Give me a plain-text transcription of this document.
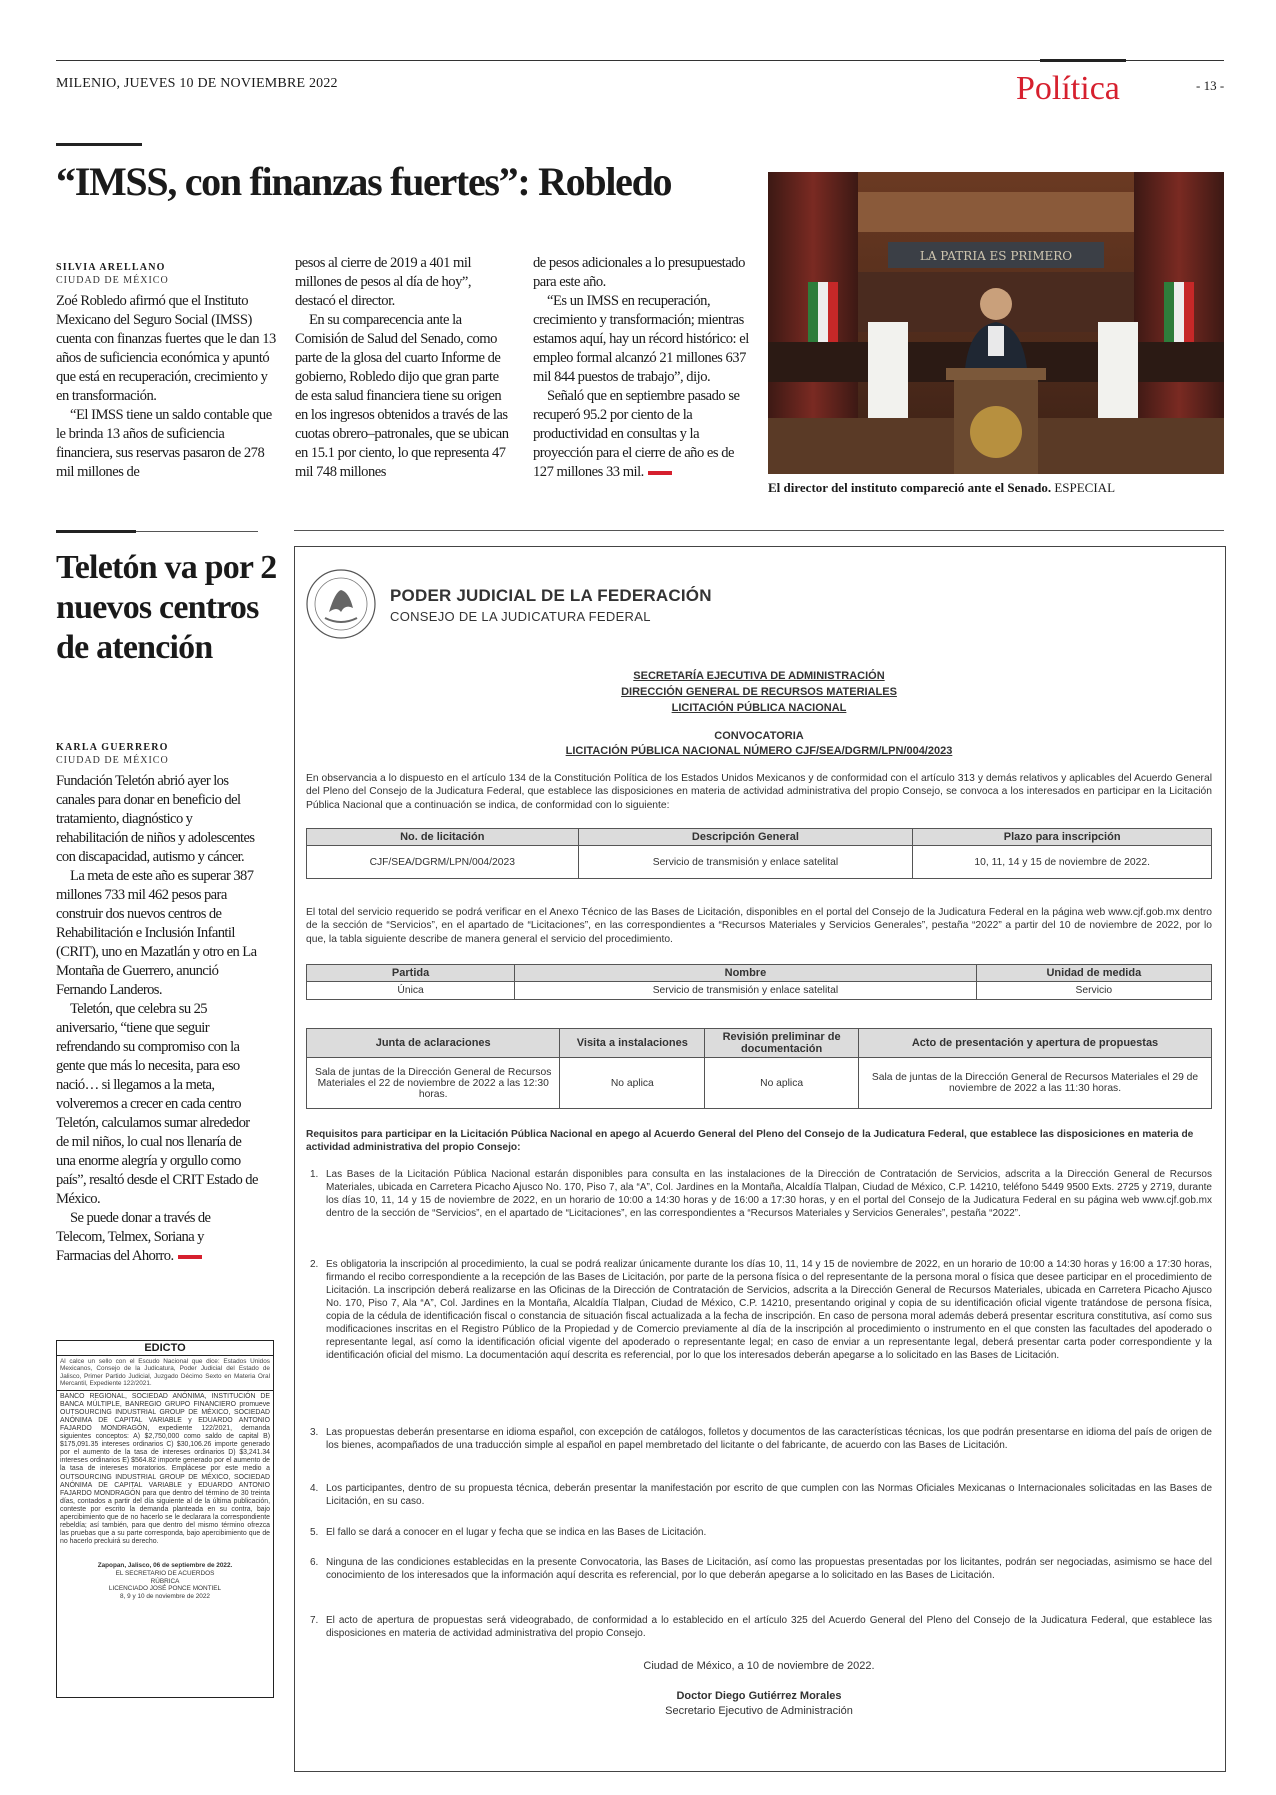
MILENIO, JUEVES 10 DE NOVIEMBRE 2022	Política	- 13 -
“IMSS, con finanzas fuertes”: Robledo
SILVIA ARELLANO
CIUDAD DE MÉXICO

Zoé Robledo afirmó que el Instituto Mexicano del Seguro Social (IMSS) cuenta con finanzas fuertes que le dan 13 años de suficiencia económica y apuntó que está en recuperación, crecimiento y en transformación.

“El IMSS tiene un saldo contable que le brinda 13 años de suficiencia financiera, sus reservas pasaron de 278 mil millones de

pesos al cierre de 2019 a 401 mil millones de pesos al día de hoy”, destacó el director.

En su comparecencia ante la Comisión de Salud del Senado, como parte de la glosa del cuarto Informe de gobierno, Robledo dijo que gran parte de esta salud financiera tiene su origen en los ingresos obtenidos a través de las cuotas obrero–patronales, que se ubican en 15.1 por ciento, lo que representa 47 mil 748 millones

de pesos adicionales a lo presupuestado para este año.

“Es un IMSS en recuperación, crecimiento y transformación; mientras estamos aquí, hay un récord histórico: el empleo formal alcanzó 21 millones 637 mil 844 puestos de trabajo”, dijo.

Señaló que en septiembre pasado se recuperó 95.2 por ciento de la productividad en consultas y la proyección para el cierre de año es de 127 millones 33 mil.

LA PATRIA ES PRIMERO
El director del instituto compareció ante el Senado. ESPECIAL
Teletón va por 2 nuevos centros de atención
KARLA GUERRERO
CIUDAD DE MÉXICO

Fundación Teletón abrió ayer los canales para donar en beneficio del tratamiento, diagnóstico y rehabilitación de niños y adolescentes con discapacidad, autismo y cáncer.

La meta de este año es superar 387 millones 733 mil 462 pesos para construir dos nuevos centros de Rehabilitación e Inclusión Infantil (CRIT), uno en Mazatlán y otro en La Montaña de Guerrero, anunció Fernando Landeros.

Teletón, que celebra su 25 aniversario, “tiene que seguir refrendando su compromiso con la gente que más lo necesita, para eso nació… si llegamos a la meta, volveremos a crecer en cada centro Teletón, calculamos sumar alrededor de mil niños, lo cual nos llenaría de una enorme alegría y orgullo como país”, resaltó desde el CRIT Estado de México.

Se puede donar a través de Telecom, Telmex, Soriana y Farmacias del Ahorro.

EDICTO
Al calce un sello con el Escudo Nacional que dice: Estados Unidos Mexicanos, Consejo de la Judicatura, Poder Judicial del Estado de Jalisco, Primer Partido Judicial, Juzgado Décimo Sexto en Materia Oral Mercantil, Expediente 122/2021.
BANCO REGIONAL, SOCIEDAD ANÓNIMA, INSTITUCIÓN DE BANCA MÚLTIPLE, BANREGIO GRUPO FINANCIERO promueve OUTSOURCING INDUSTRIAL GROUP DE MÉXICO, SOCIEDAD ANÓNIMA DE CAPITAL VARIABLE y EDUARDO ANTONIO FAJARDO MONDRAGÓN, expediente 122/2021, demanda siguientes conceptos: A) $2,750,000 como saldo de capital B) $175,091.35 intereses ordinarios C) $30,106.26 importe generado por el aumento de la tasa de intereses ordinarios D) $3,241.34 intereses ordinarios E) $564.82 importe generado por el aumento de la tasa de intereses moratorios. Emplácese por este medio a OUTSOURCING INDUSTRIAL GROUP DE MÉXICO, SOCIEDAD ANÓNIMA DE CAPITAL VARIABLE y EDUARDO ANTONIO FAJARDO MONDRAGÓN para que dentro del término de 30 treinta días, contados a partir del día siguiente al de la última publicación, conteste por escrito la demanda planteada en su contra, bajo apercibimiento que de no hacerlo se le declarara la correspondiente rebeldía; así también, para que dentro del mismo término ofrezca las pruebas que a su parte corresponda, bajo apercibimiento que de no hacerlo precluirá su derecho.
Zapopan, Jalisco, 06 de septiembre de 2022.
EL SECRETARIO DE ACUERDOS
RÚBRICA
LICENCIADO JOSÉ PONCE MONTIEL
8, 9 y 10 de noviembre de 2022
PODER JUDICIAL DE LA FEDERACIÓN
CONSEJO DE LA JUDICATURA FEDERAL
SECRETARÍA EJECUTIVA DE ADMINISTRACIÓN
DIRECCIÓN GENERAL DE RECURSOS MATERIALES
LICITACIÓN PÚBLICA NACIONAL
CONVOCATORIA
LICITACIÓN PÚBLICA NACIONAL NÚMERO CJF/SEA/DGRM/LPN/004/2023
En observancia a lo dispuesto en el artículo 134 de la Constitución Política de los Estados Unidos Mexicanos y de conformidad con el artículo 313 y demás relativos y aplicables del Acuerdo General del Pleno del Consejo de la Judicatura Federal, que establece las disposiciones en materia de actividad administrativa del propio Consejo, se convoca a los interesados en participar en la Licitación Pública Nacional que a continuación se indica, de conformidad con lo siguiente:
No. de licitación	Descripción General	Plazo para inscripción
CJF/SEA/DGRM/LPN/004/2023	Servicio de transmisión y enlace satelital	10, 11, 14 y 15 de noviembre de 2022.
El total del servicio requerido se podrá verificar en el Anexo Técnico de las Bases de Licitación, disponibles en el portal del Consejo de la Judicatura Federal en la página web www.cjf.gob.mx dentro de la sección de “Servicios”, en el apartado de “Licitaciones”, en las correspondientes a “Recursos Materiales y Servicios Generales”, pestaña “2022” a partir del 10 de noviembre de 2022, por lo que, la tabla siguiente describe de manera general el servicio del procedimiento.
Partida	Nombre	Unidad de medida
Única	Servicio de transmisión y enlace satelital	Servicio
Junta de aclaraciones	Visita a instalaciones	Revisión preliminar de documentación	Acto de presentación y apertura de propuestas
Sala de juntas de la Dirección General de Recursos Materiales el 22 de noviembre de 2022 a las 12:30 horas.	No aplica	No aplica	Sala de juntas de la Dirección General de Recursos Materiales el 29 de noviembre de 2022 a las 11:30 horas.
Requisitos para participar en la Licitación Pública Nacional en apego al Acuerdo General del Pleno del Consejo de la Judicatura Federal, que establece las disposiciones en materia de actividad administrativa del propio Consejo:
1. Las Bases de la Licitación Pública Nacional estarán disponibles para consulta en las instalaciones de la Dirección de Contratación de Servicios, adscrita a la Dirección General de Recursos Materiales, ubicada en Carretera Picacho Ajusco No. 170, Piso 7, ala “A”, Col. Jardines en la Montaña, Alcaldía Tlalpan, Ciudad de México, C.P. 14210, teléfono 5449 9500 Exts. 2725 y 2719, durante los días 10, 11, 14 y 15 de noviembre de 2022, en un horario de 10:00 a 14:30 horas y de 16:00 a 17:30 horas, y en el portal del Consejo de la Judicatura Federal en su página web www.cjf.gob.mx dentro de la sección de “Servicios”, en el apartado de “Licitaciones”, en las correspondientes a “Recursos Materiales y Servicios Generales”, pestaña “2022”.
2. Es obligatoria la inscripción al procedimiento, la cual se podrá realizar únicamente durante los días 10, 11, 14 y 15 de noviembre de 2022, en un horario de 10:00 a 14:30 horas y 16:00 a 17:30 horas, firmando el recibo correspondiente a la recepción de las Bases de Licitación, por parte de la persona física o del representante de la persona moral o física que desee participar en el procedimiento de Licitación. La inscripción deberá realizarse en las Oficinas de la Dirección de Contratación de Servicios, adscrita a la Dirección General de Recursos Materiales, ubicada en Carretera Picacho Ajusco No. 170, Piso 7, Ala “A”, Col. Jardines en la Montaña, Alcaldía Tlalpan, Ciudad de México, C.P. 14210, presentando original y copia de su identificación oficial vigente tratándose de persona física, copia de la cédula de identificación fiscal o constancia de situación fiscal actualizada a la fecha de inscripción. En caso de persona moral además deberá presentar escritura constitutiva, así como sus modificaciones inscritas en el Registro Público de la Propiedad y de Comercio previamente al día de la inscripción al procedimiento o instrumento en el que consten las facultades del apoderado o representante legal, así como la identificación oficial vigente del apoderado o representante legal; en caso de enviar a un representante legal, deberá presentar carta poder correspondiente y la identificación oficial del mismo. La documentación aquí descrita es referencial, por lo que los interesados deberán apegarse a lo solicitado en las Bases de Licitación.
3. Las propuestas deberán presentarse en idioma español, con excepción de catálogos, folletos y documentos de las características técnicas, los que podrán presentarse en idioma del país de origen de los bienes, acompañados de una traducción simple al español en papel membretado del licitante o del fabricante, de acuerdo con las Bases de Licitación.
4. Los participantes, dentro de su propuesta técnica, deberán presentar la manifestación por escrito de que cumplen con las Normas Oficiales Mexicanas o Internacionales solicitadas en las Bases de Licitación, en su caso.
5. El fallo se dará a conocer en el lugar y fecha que se indica en las Bases de Licitación.
6. Ninguna de las condiciones establecidas en la presente Convocatoria, las Bases de Licitación, así como las propuestas presentadas por los licitantes, podrán ser negociadas, asimismo se hace del conocimiento de los interesados que la información aquí descrita es referencial, por lo que deberán apegarse a lo solicitado en las Bases de Licitación.
7. El acto de apertura de propuestas será videograbado, de conformidad a lo establecido en el artículo 325 del Acuerdo General del Pleno del Consejo de la Judicatura Federal, que establece las disposiciones en materia de actividad administrativa del propio Consejo.
Ciudad de México, a 10 de noviembre de 2022.
Doctor Diego Gutiérrez Morales
Secretario Ejecutivo de Administración
